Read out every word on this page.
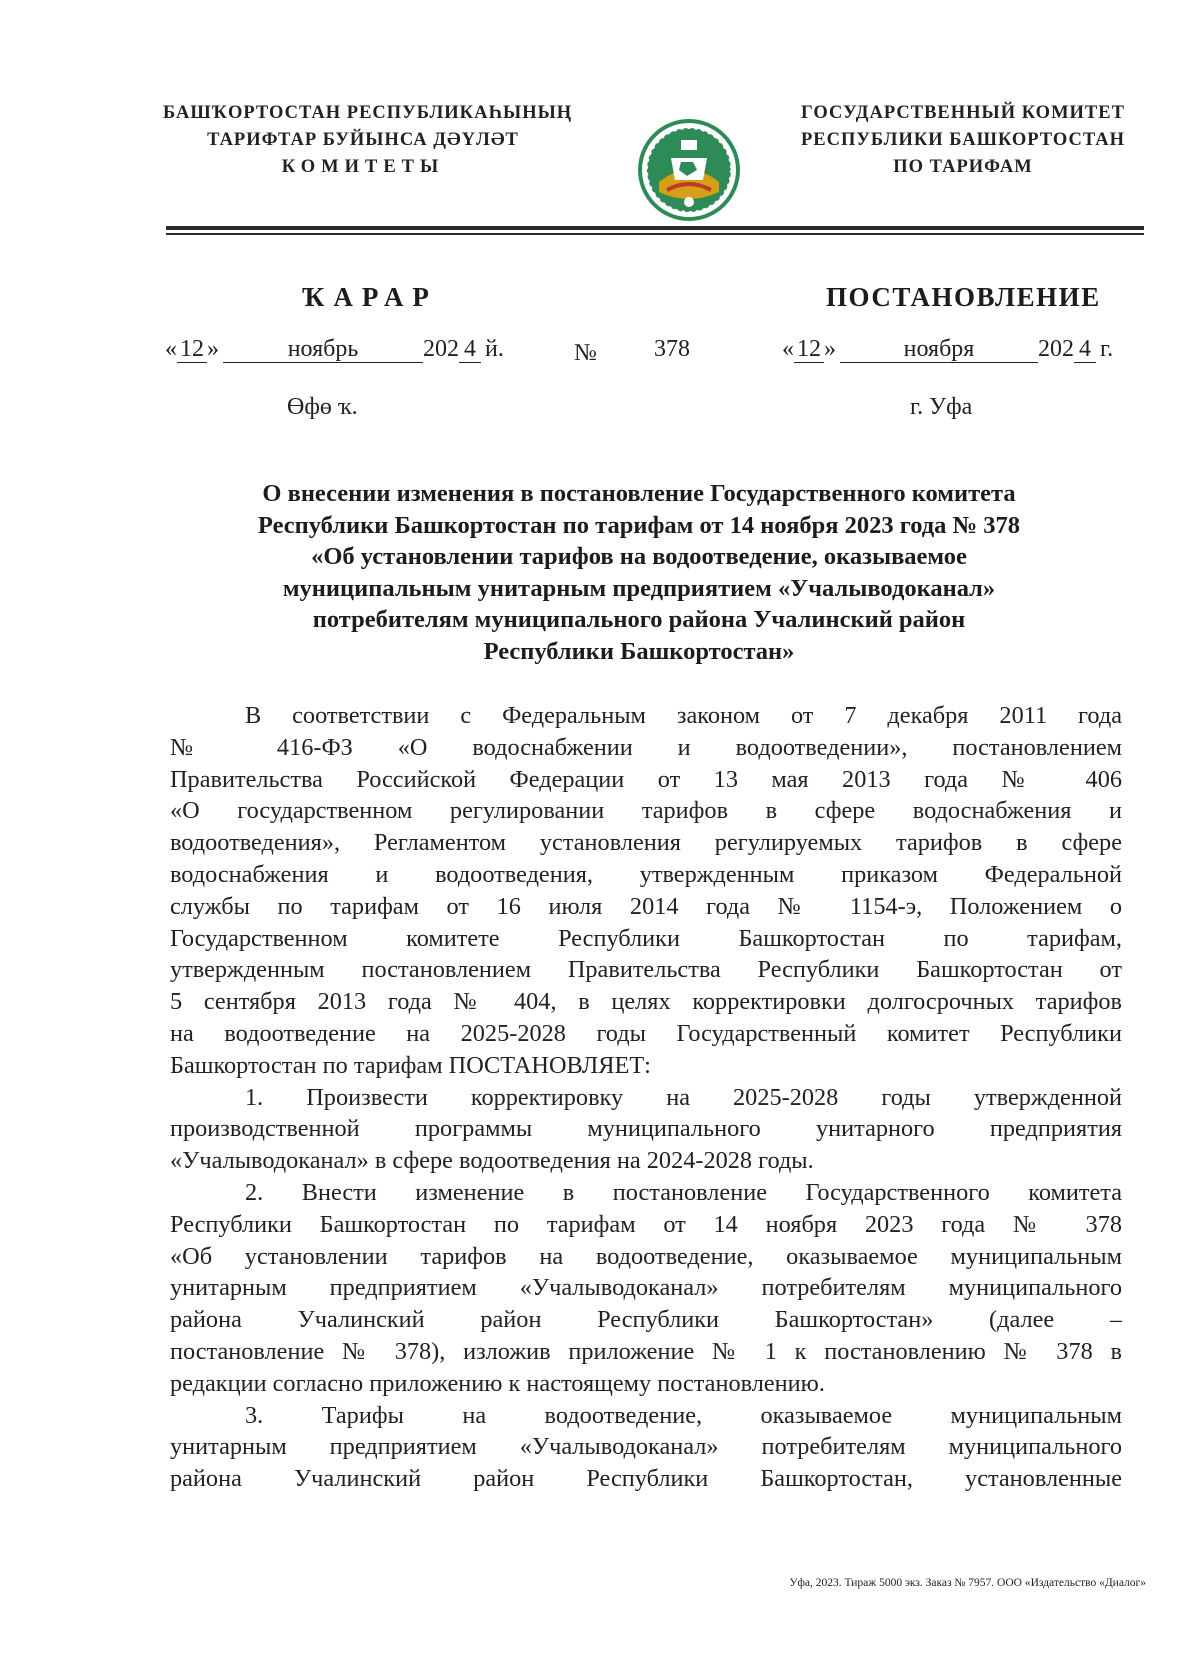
БАШҠОРТОСТАН РЕСПУБЛИКАҺЫНЫҢ
ТАРИФТАР БУЙЫНСА ДӘҮЛӘТ
КОМИТЕТЫ
ГОСУДАРСТВЕННЫЙ КОМИТЕТ
РЕСПУБЛИКИ БАШКОРТОСТАН
ПО ТАРИФАМ
ҠАРАР	ПОСТАНОВЛЕНИЕ
« 12 »	ноябрь	202 4 й.	№ 378	« 12 »	ноября	202 4 г.
Өфө ҡ.	г. Уфа
О внесении изменения в постановление Государственного комитета
Республики Башкортостан по тарифам от 14 ноября 2023 года № 378
«Об установлении тарифов на водоотведение, оказываемое
муниципальным унитарным предприятием «Учалыводоканал»
потребителям муниципального района Учалинский район
Республики Башкортостан»
В соответствии с Федеральным законом от 7 декабря 2011 года
№ 416-ФЗ «О водоснабжении и водоотведении», постановлением
Правительства Российской Федерации от 13 мая 2013 года № 406
«О государственном регулировании тарифов в сфере водоснабжения и
водоотведения», Регламентом установления регулируемых тарифов в сфере
водоснабжения и водоотведения, утвержденным приказом Федеральной
службы по тарифам от 16 июля 2014 года № 1154-э, Положением о
Государственном комитете Республики Башкортостан по тарифам,
утвержденным постановлением Правительства Республики Башкортостан от
5 сентября 2013 года № 404, в целях корректировки долгосрочных тарифов
на водоотведение на 2025-2028 годы Государственный комитет Республики
Башкортостан по тарифам ПОСТАНОВЛЯЕТ:
1. Произвести корректировку на 2025-2028 годы утвержденной
производственной программы муниципального унитарного предприятия
«Учалыводоканал» в сфере водоотведения на 2024-2028 годы.
2. Внести изменение в постановление Государственного комитета
Республики Башкортостан по тарифам от 14 ноября 2023 года № 378
«Об установлении тарифов на водоотведение, оказываемое муниципальным
унитарным предприятием «Учалыводоканал» потребителям муниципального
района Учалинский район Республики Башкортостан» (далее –
постановление № 378), изложив приложение № 1 к постановлению № 378 в
редакции согласно приложению к настоящему постановлению.
3. Тарифы на водоотведение, оказываемое муниципальным
унитарным предприятием «Учалыводоканал» потребителям муниципального
района Учалинский район Республики Башкортостан, установленные
Уфа, 2023. Тираж 5000 экз. Заказ № 7957. ООО «Издательство «Диалог»
